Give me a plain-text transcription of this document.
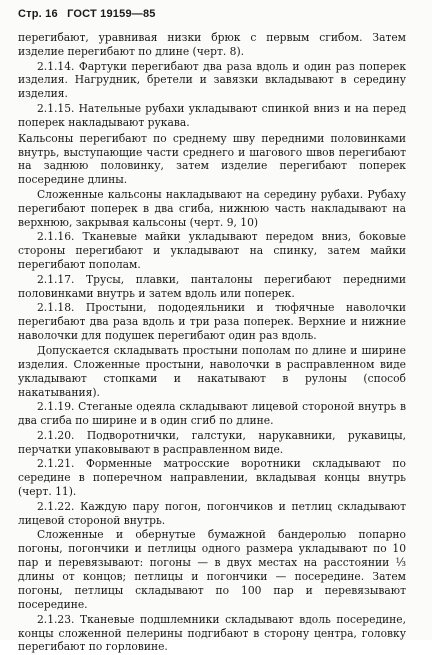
Стр. 16 ГОСТ 19159—85

перегибают, уравнивая низки брюк с первым сгибом. Затем изделие перегибают по длине (черт. 8).

2.1.14. Фартуки перегибают два раза вдоль и один раз поперек изделия. Нагрудник, бретели и завязки вкладывают в середину изделия.

2.1.15. Нательные рубахи укладывают спинкой вниз и на перед поперек накладывают рукава.

Кальсоны перегибают по среднему шву передними половинками внутрь, выступающие части среднего и шагового швов перегибают на заднюю половинку, затем изделие перегибают поперек посередине длины.

Сложенные кальсоны накладывают на середину рубахи. Рубаху перегибают поперек в два сгиба, нижнюю часть накладывают на верхнюю, закрывая кальсоны (черт. 9, 10)

2.1.16. Тканевые майки укладывают передом вниз, боковые стороны перегибают и укладывают на спинку, затем майки перегибают пополам.

2.1.17. Трусы, плавки, панталоны перегибают передними половинками внутрь и затем вдоль или поперек.

2.1.18. Простыни, пододеяльники и тюфячные наволочки перегибают два раза вдоль и три раза поперек. Верхние и нижние наволочки для подушек перегибают один раз вдоль.

Допускается складывать простыни пополам по длине и ширине изделия. Сложенные простыни, наволочки в расправленном виде укладывают стопками и накатывают в рулоны (способ накатывания).

2.1.19. Стеганые одеяла складывают лицевой стороной внутрь в два сгиба по ширине и в один сгиб по длине.

2.1.20. Подворотнички, галстуки, нарукавники, рукавицы, перчатки упаковывают в расправленном виде.

2.1.21. Форменные матросские воротники складывают по середине в поперечном направлении, вкладывая концы внутрь (черт. 11).

2.1.22. Каждую пару погон, погончиков и петлиц складывают лицевой стороной внутрь.

Сложенные и обернутые бумажной бандеролью попарно погоны, погончики и петлицы одного размера укладывают по 10 пар и перевязывают: погоны — в двух местах на расстоянии ⅓ длины от концов; петлицы и погончики — посередине. Затем погоны, петлицы складывают по 100 пар и перевязывают посередине.

2.1.23. Тканевые подшлемники складывают вдоль посередине, концы сложенной пелерины подгибают в сторону центра, головку перегибают по горловине.
